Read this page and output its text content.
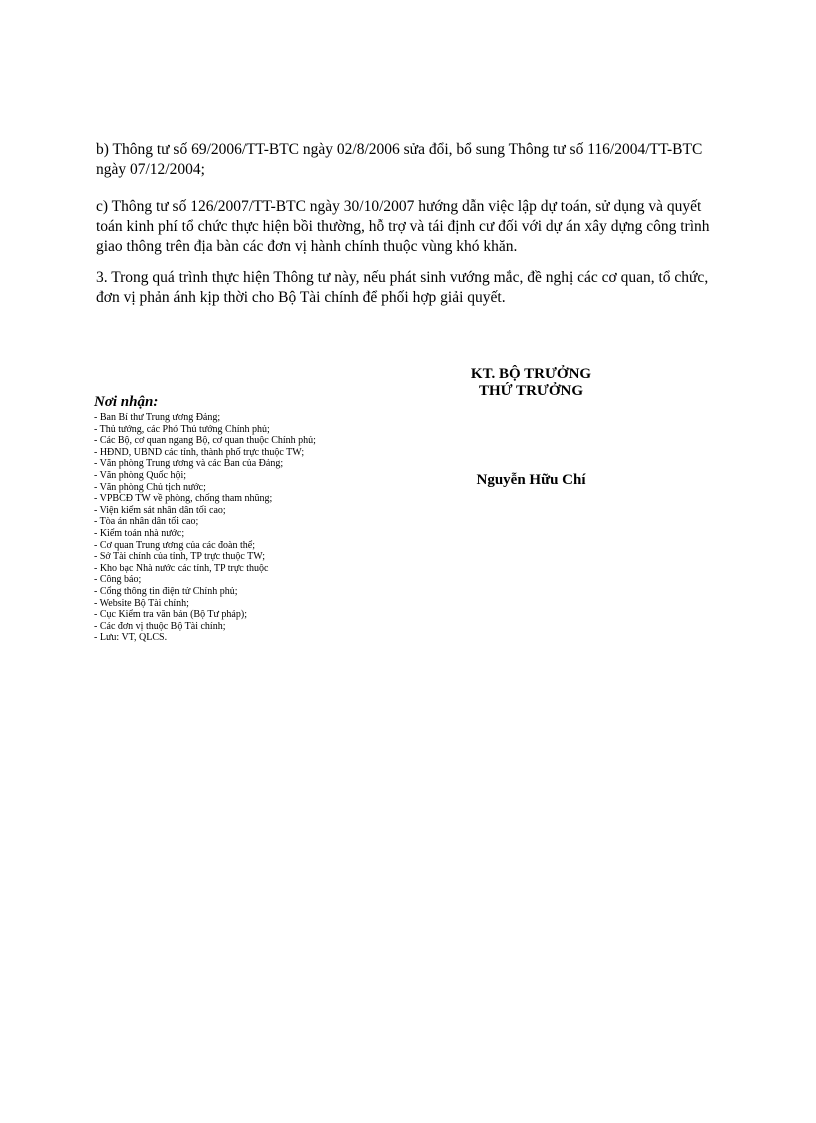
b) Thông tư số 69/2006/TT-BTC ngày 02/8/2006 sửa đổi, bổ sung Thông tư số 116/2004/TT-BTC ngày 07/12/2004;

c) Thông tư số 126/2007/TT-BTC ngày 30/10/2007 hướng dẫn việc lập dự toán, sử dụng và quyết toán kinh phí tổ chức thực hiện bồi thường, hỗ trợ và tái định cư đối với dự án xây dựng công trình giao thông trên địa bàn các đơn vị hành chính thuộc vùng khó khăn.

3. Trong quá trình thực hiện Thông tư này, nếu phát sinh vướng mắc, đề nghị các cơ quan, tổ chức, đơn vị phản ánh kịp thời cho Bộ Tài chính để phối hợp giải quyết.

KT. BỘ TRƯỞNG
THỨ TRƯỞNG
Nguyễn Hữu Chí
Nơi nhận:
- Ban Bí thư Trung ương Đảng;
- Thủ tướng, các Phó Thủ tướng Chính phủ;
- Các Bộ, cơ quan ngang Bộ, cơ quan thuộc Chính phủ;
- HĐND, UBND các tỉnh, thành phố trực thuộc TW;
- Văn phòng Trung ương và các Ban của Đảng;
- Văn phòng Quốc hội;
- Văn phòng Chủ tịch nước;
- VPBCĐ TW về phòng, chống tham nhũng;
- Viện kiểm sát nhân dân tối cao;
- Tòa án nhân dân tối cao;
- Kiểm toán nhà nước;
- Cơ quan Trung ương của các đoàn thể;
- Sở Tài chính của tỉnh, TP trực thuộc TW;
- Kho bạc Nhà nước các tỉnh, TP trực thuộc
- Công báo;
- Cổng thông tin điện tử Chính phủ;
- Website Bộ Tài chính;
- Cục Kiểm tra văn bản (Bộ Tư pháp);
- Các đơn vị thuộc Bộ Tài chính;
- Lưu: VT, QLCS.
